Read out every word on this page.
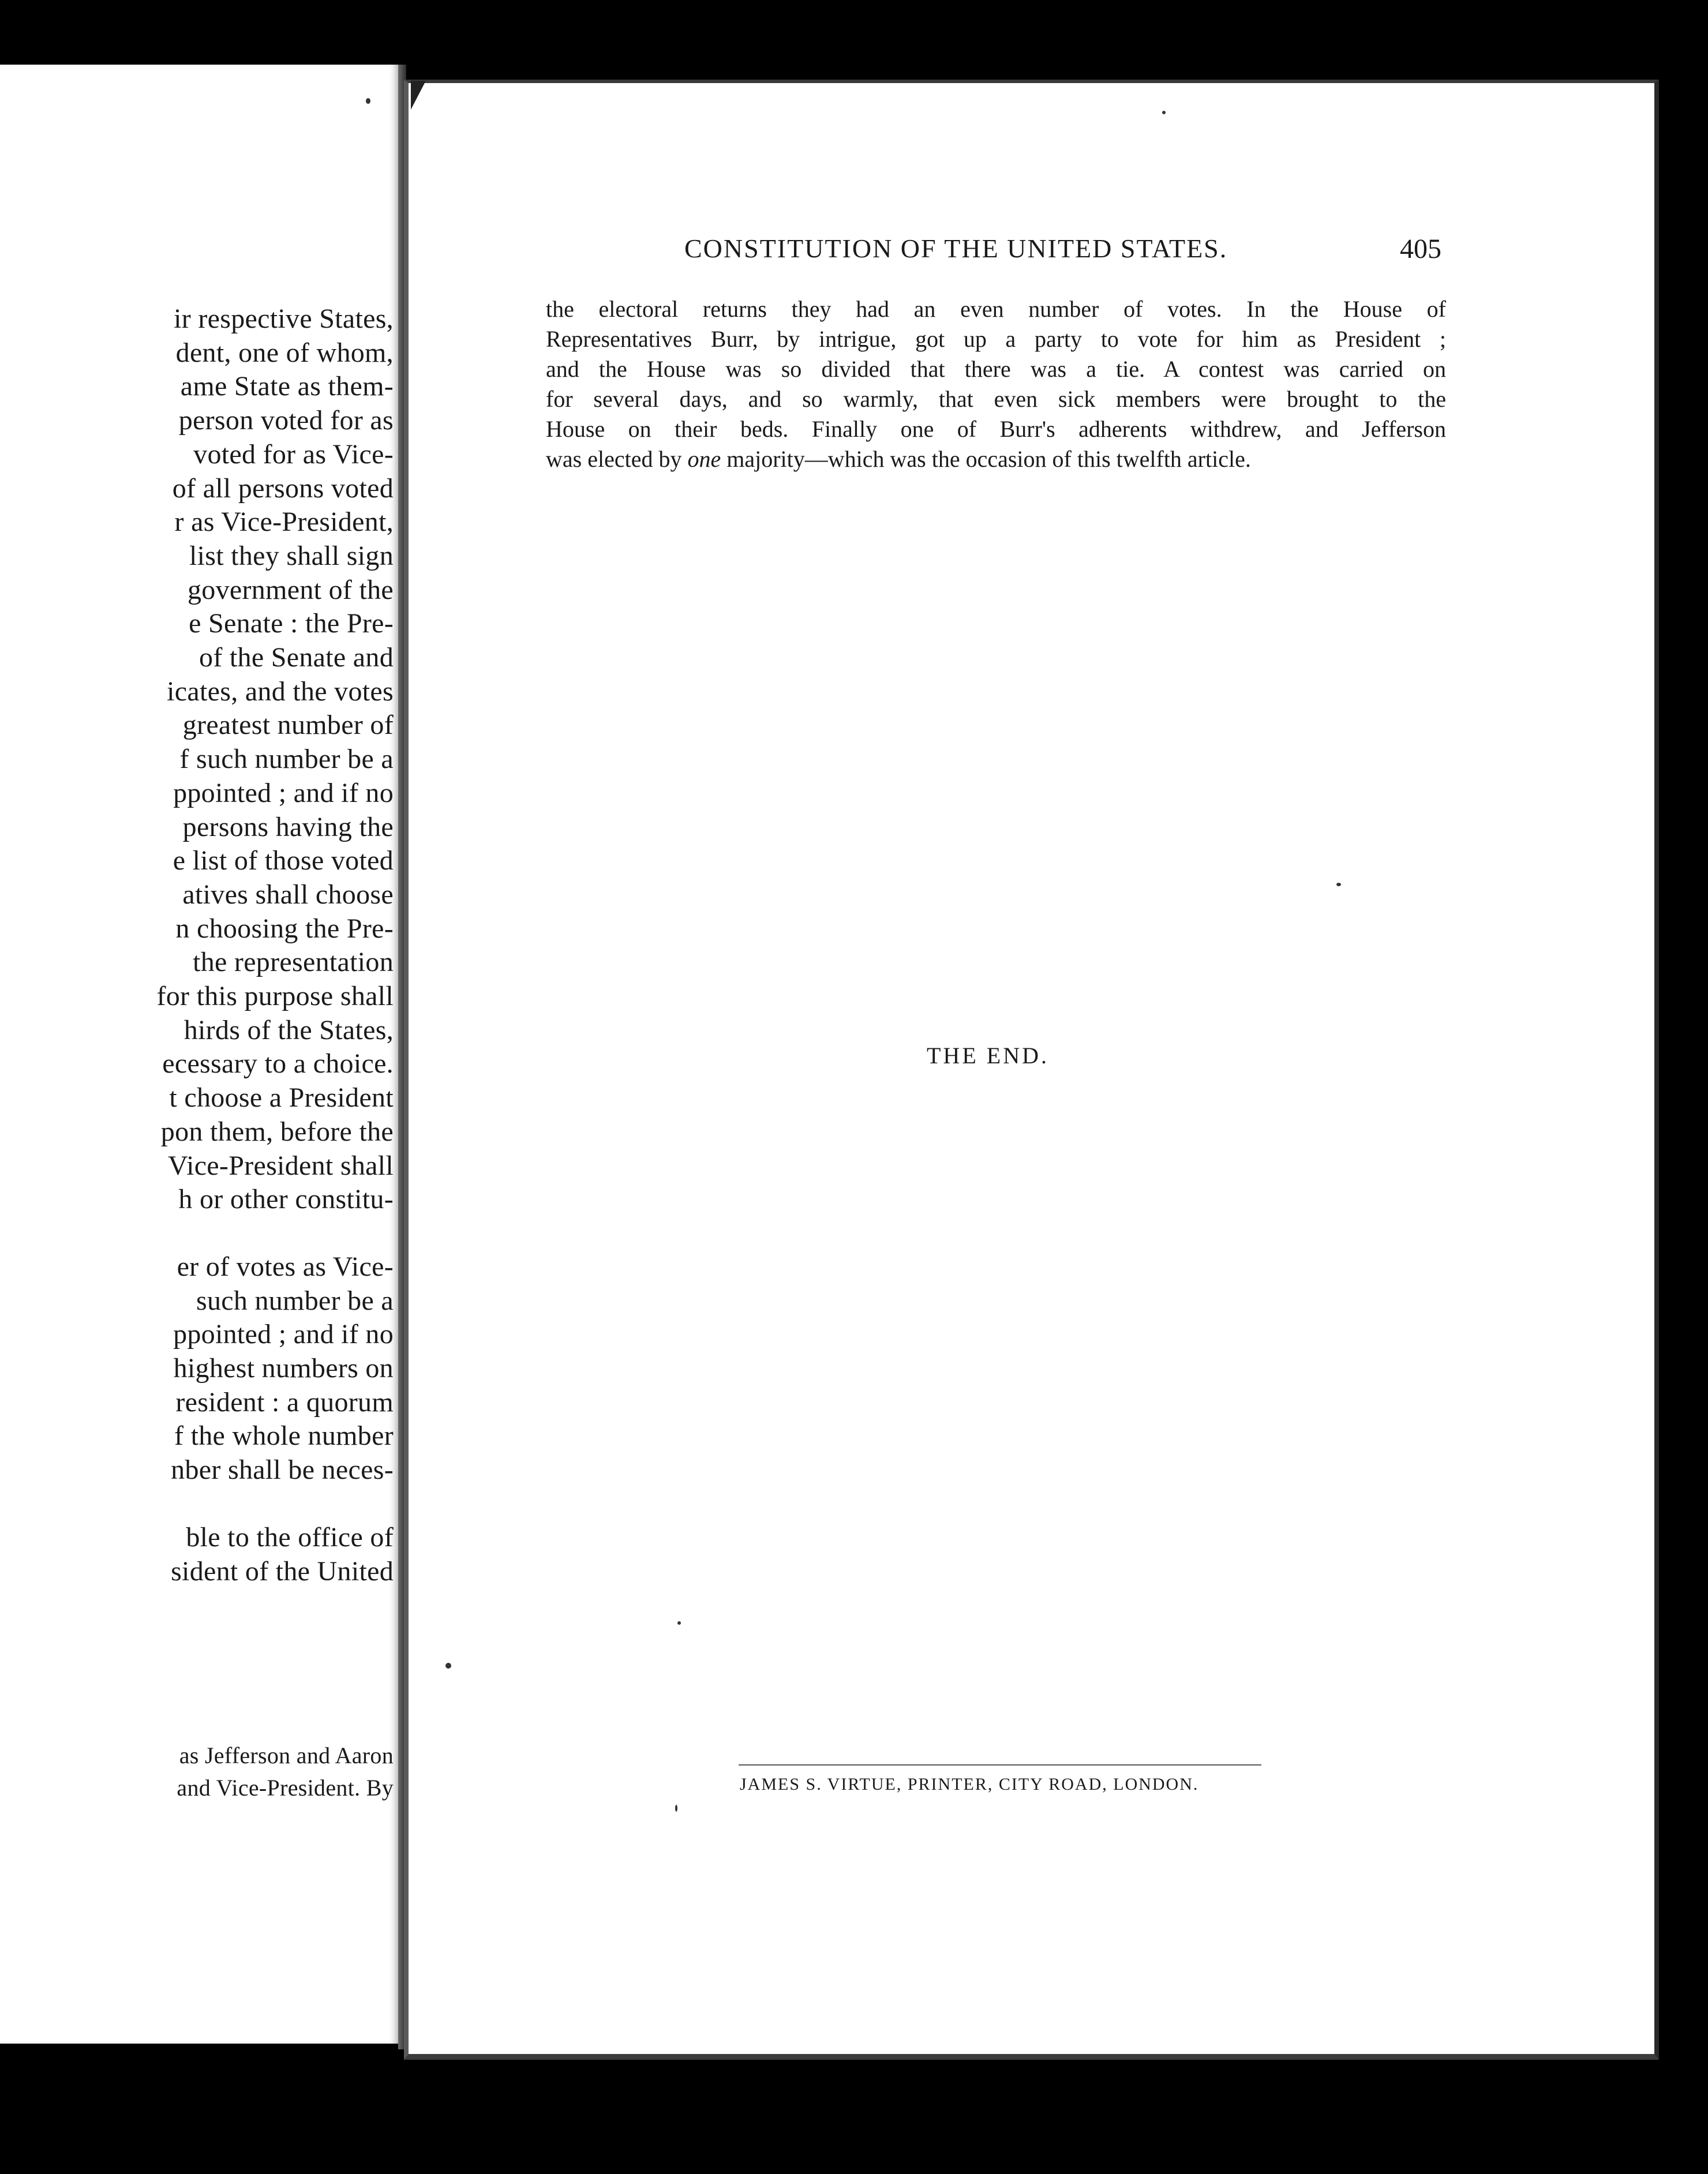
ir respective States,
dent, one of whom,
ame State as them-
person voted for as
voted for as Vice-
of all persons voted
r as Vice-President,
list they shall sign
government of the
e Senate : the Pre-
of the Senate and
icates, and the votes
greatest number of
f such number be a
ppointed ; and if no
persons having the
e list of those voted
atives shall choose
n choosing the Pre-
the representation
for this purpose shall
hirds of the States,
ecessary to a choice.
t choose a President
pon them, before the
Vice-President shall
h or other constitu-
er of votes as Vice-
such number be a
ppointed ; and if no
highest numbers on
resident : a quorum
f the whole number
nber shall be neces-
ble to the office of
sident of the United
as Jefferson and Aaron
and Vice-President. By
CONSTITUTION OF THE UNITED STATES.	405
the electoral returns they had an even number of votes. In the House of
Representatives Burr, by intrigue, got up a party to vote for him as President ;
and the House was so divided that there was a tie. A contest was carried on
for several days, and so warmly, that even sick members were brought to the
House on their beds. Finally one of Burr's adherents withdrew, and Jefferson
was elected by one majority—which was the occasion of this twelfth article.
THE END.
JAMES S. VIRTUE, PRINTER, CITY ROAD, LONDON.
